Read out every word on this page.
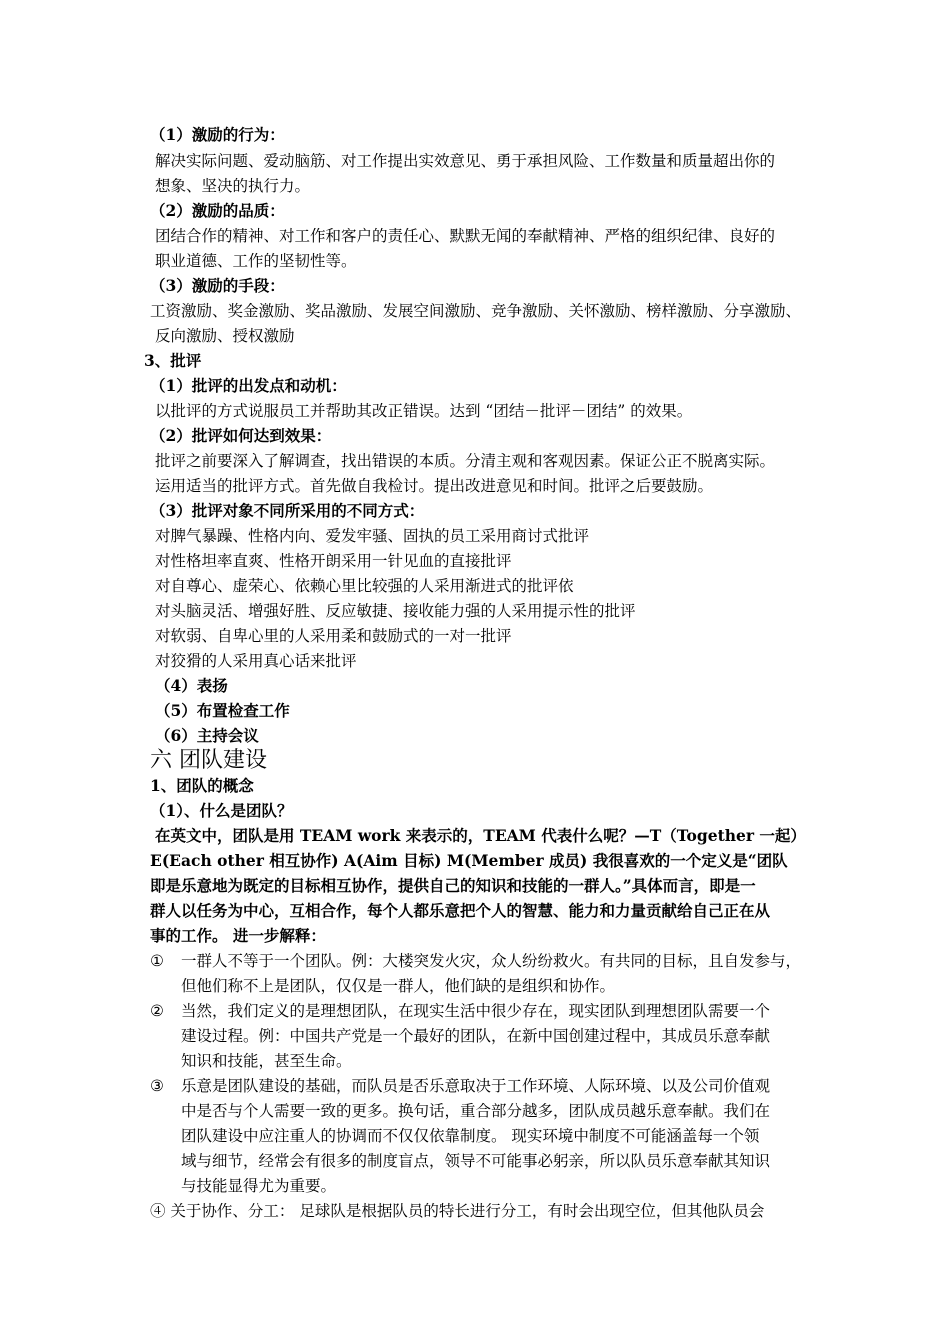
（1）激励的行为：

解决实际问题、爱动脑筋、对工作提出实效意见、勇于承担风险、工作数量和质量超出你的

想象、坚决的执行力。

（2）激励的品质：

团结合作的精神、对工作和客户的责任心、默默无闻的奉献精神、严格的组织纪律、良好的

职业道德、工作的坚韧性等。

（3）激励的手段：

工资激励、奖金激励、奖品激励、发展空间激励、竞争激励、关怀激励、榜样激励、分享激励、

反向激励、授权激励

3、批评

（1）批评的出发点和动机：

以批评的方式说服员工并帮助其改正错误。达到 “团结－批评－团结” 的效果。

（2）批评如何达到效果：

批评之前要深入了解调查，找出错误的本质。分清主观和客观因素。保证公正不脱离实际。

运用适当的批评方式。首先做自我检讨。提出改进意见和时间。批评之后要鼓励。

（3）批评对象不同所采用的不同方式：

对脾气暴躁、性格内向、爱发牢骚、固执的员工采用商讨式批评

对性格坦率直爽、性格开朗采用一针见血的直接批评

对自尊心、虚荣心、依赖心里比较强的人采用渐进式的批评依

对头脑灵活、增强好胜、反应敏捷、接收能力强的人采用提示性的批评

对软弱、自卑心里的人采用柔和鼓励式的一对一批评

对狡猾的人采用真心话来批评

（4）表扬

（5）布置检查工作

（6）主持会议

六 团队建设

1、团队的概念

（1）、什么是团队？

在英文中，团队是用 TEAM work 来表示的，TEAM 代表什么呢？—T（Together 一起）

E(Each other 相互协作) A(Aim 目标) M(Member 成员) 我很喜欢的一个定义是“团队

即是乐意地为既定的目标相互协作，提供自己的知识和技能的一群人。”具体而言，即是一

群人以任务为中心，互相合作，每个人都乐意把个人的智慧、能力和力量贡献给自己正在从

事的工作。 进一步解释：

① 一群人不等于一个团队。例：大楼突发火灾，众人纷纷救火。有共同的目标，且自发参与，

但他们称不上是团队，仅仅是一群人，他们缺的是组织和协作。

② 当然，我们定义的是理想团队，在现实生活中很少存在，现实团队到理想团队需要一个

建设过程。例：中国共产党是一个最好的团队，在新中国创建过程中，其成员乐意奉献

知识和技能，甚至生命。

③ 乐意是团队建设的基础，而队员是否乐意取决于工作环境、人际环境、以及公司价值观

中是否与个人需要一致的更多。换句话，重合部分越多，团队成员越乐意奉献。我们在

团队建设中应注重人的协调而不仅仅依靠制度。 现实环境中制度不可能涵盖每一个领

域与细节，经常会有很多的制度盲点，领导不可能事必躬亲，所以队员乐意奉献其知识

与技能显得尤为重要。

④ 关于协作、分工： 足球队是根据队员的特长进行分工，有时会出现空位，但其他队员会
